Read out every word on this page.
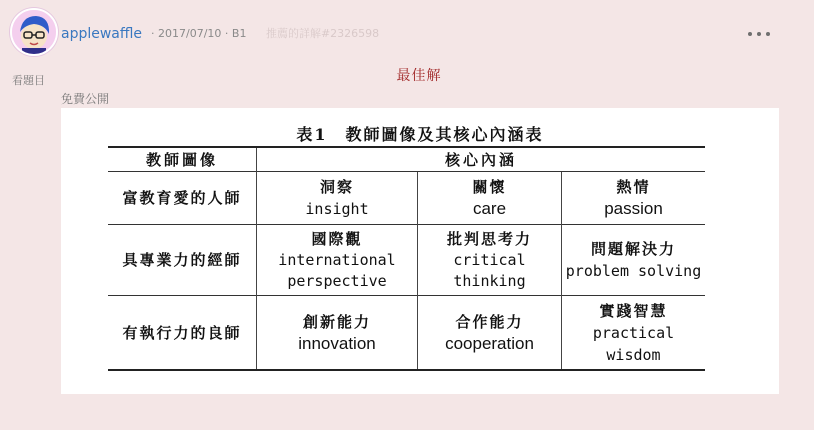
applewaffle · 2017/07/10 · B1 推薦的詳解#2326598
看題目	最佳解
免費公開
表1　教師圖像及其核心內涵表
教師圖像	核心內涵
富教育愛的人師
洞察
insight
關懷
care
熱情
passion
具專業力的經師
國際觀
international
perspective
批判思考力
critical
thinking
問題解決力
problem solving
有執行力的良師
創新能力
innovation
合作能力
cooperation
實踐智慧
practical
wisdom
